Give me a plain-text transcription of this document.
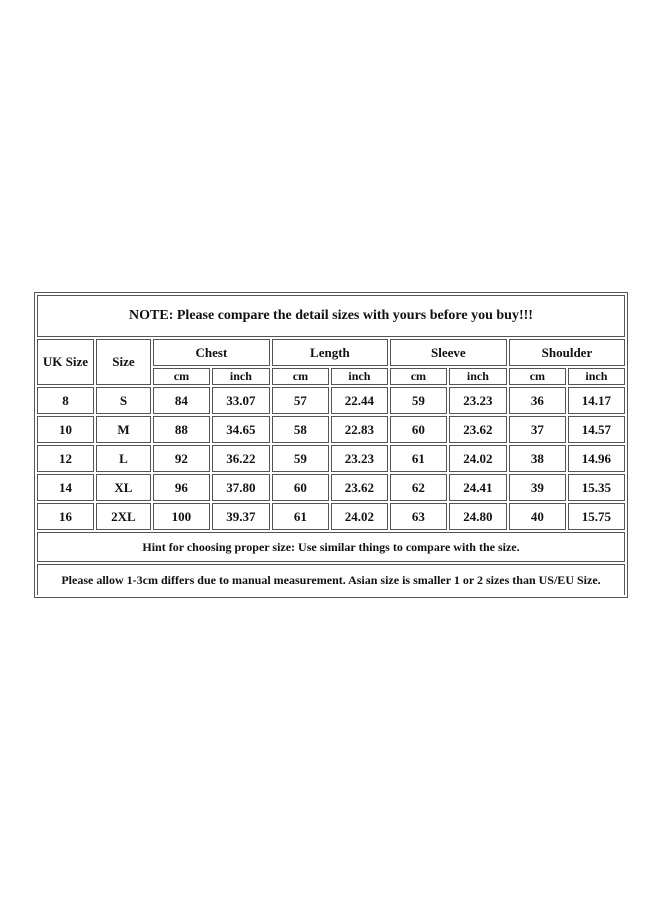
NOTE: Please compare the detail sizes with yours before you buy!!!									
UK Size	Size	Chest		Length		Sleeve		Shoulder	
		cm	inch	cm	inch	cm	inch	cm	inch
8	S	84	33.07	57	22.44	59	23.23	36	14.17
10	M	88	34.65	58	22.83	60	23.62	37	14.57
12	L	92	36.22	59	23.23	61	24.02	38	14.96
14	XL	96	37.80	60	23.62	62	24.41	39	15.35
16	2XL	100	39.37	61	24.02	63	24.80	40	15.75
Hint for choosing proper size: Use similar things to compare with the size.									
Please allow 1-3cm differs due to manual measurement. Asian size is smaller 1 or 2 sizes than US/EU Size.									
